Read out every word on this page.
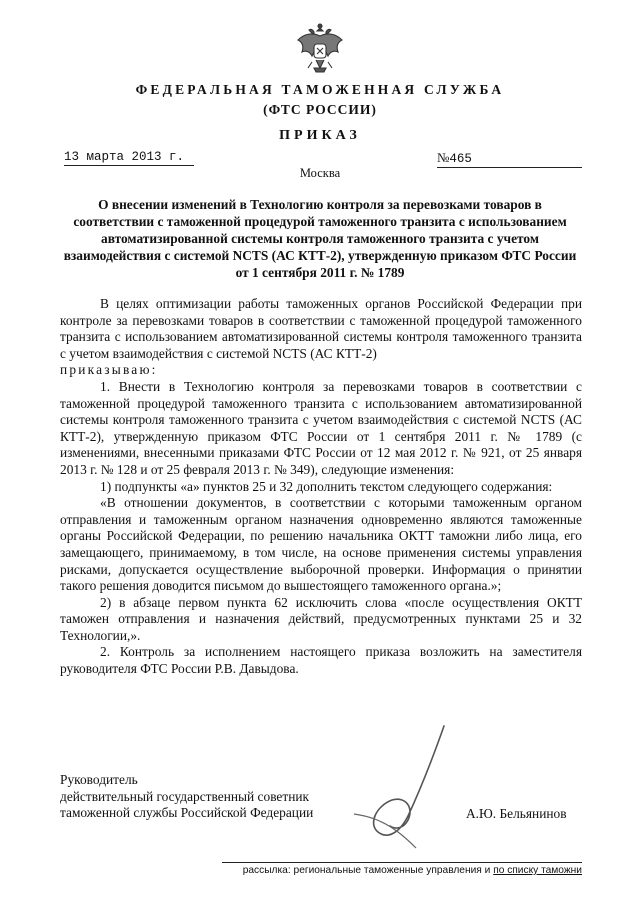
ФЕДЕРАЛЬНАЯ ТАМОЖЕННАЯ СЛУЖБА
(ФТС РОССИИ)
ПРИКАЗ
13 марта 2013 г.	№465
Москва
О внесении изменений в Технологию контроля за перевозками товаров в соответствии с таможенной процедурой таможенного транзита с использованием автоматизированной системы контроля таможенного транзита с учетом взаимодействия с системой NCTS (АС КТТ-2), утвержденную приказом ФТС России от 1 сентября 2011 г. № 1789

В целях оптимизации работы таможенных органов Российской Федерации при контроле за перевозками товаров в соответствии с таможенной процедурой таможенного транзита с использованием автоматизированной системы контроля таможенного транзита с учетом взаимодействия с системой NCTS (АС КТТ-2)

приказываю:

1. Внести в Технологию контроля за перевозками товаров в соответствии с таможенной процедурой таможенного транзита с использованием автоматизированной системы контроля таможенного транзита с учетом взаимодействия с системой NCTS (АС КТТ-2), утвержденную приказом ФТС России от 1 сентября 2011 г. № 1789 (с изменениями, внесенными приказами ФТС России от 12 мая 2012 г. № 921, от 25 января 2013 г. № 128 и от 25 февраля 2013 г. № 349), следующие изменения:

1) подпункты «а» пунктов 25 и 32 дополнить текстом следующего содержания:

«В отношении документов, в соответствии с которыми таможенным органом отправления и таможенным органом назначения одновременно являются таможенные органы Российской Федерации, по решению начальника ОКТТ таможни либо лица, его замещающего, принимаемому, в том числе, на основе применения системы управления рисками, допускается осуществление выборочной проверки. Информация о принятии такого решения доводится письмом до вышестоящего таможенного органа.»;

2) в абзаце первом пункта 62 исключить слова «после осуществления ОКТТ таможен отправления и назначения действий, предусмотренных пунктами 25 и 32 Технологии,».

2. Контроль за исполнением настоящего приказа возложить на заместителя руководителя ФТС России Р.В. Давыдова.

Руководитель
действительный государственный советник
таможенной службы Российской Федерации	А.Ю. Бельянинов
рассылка: региональные таможенные управления и по списку таможни
